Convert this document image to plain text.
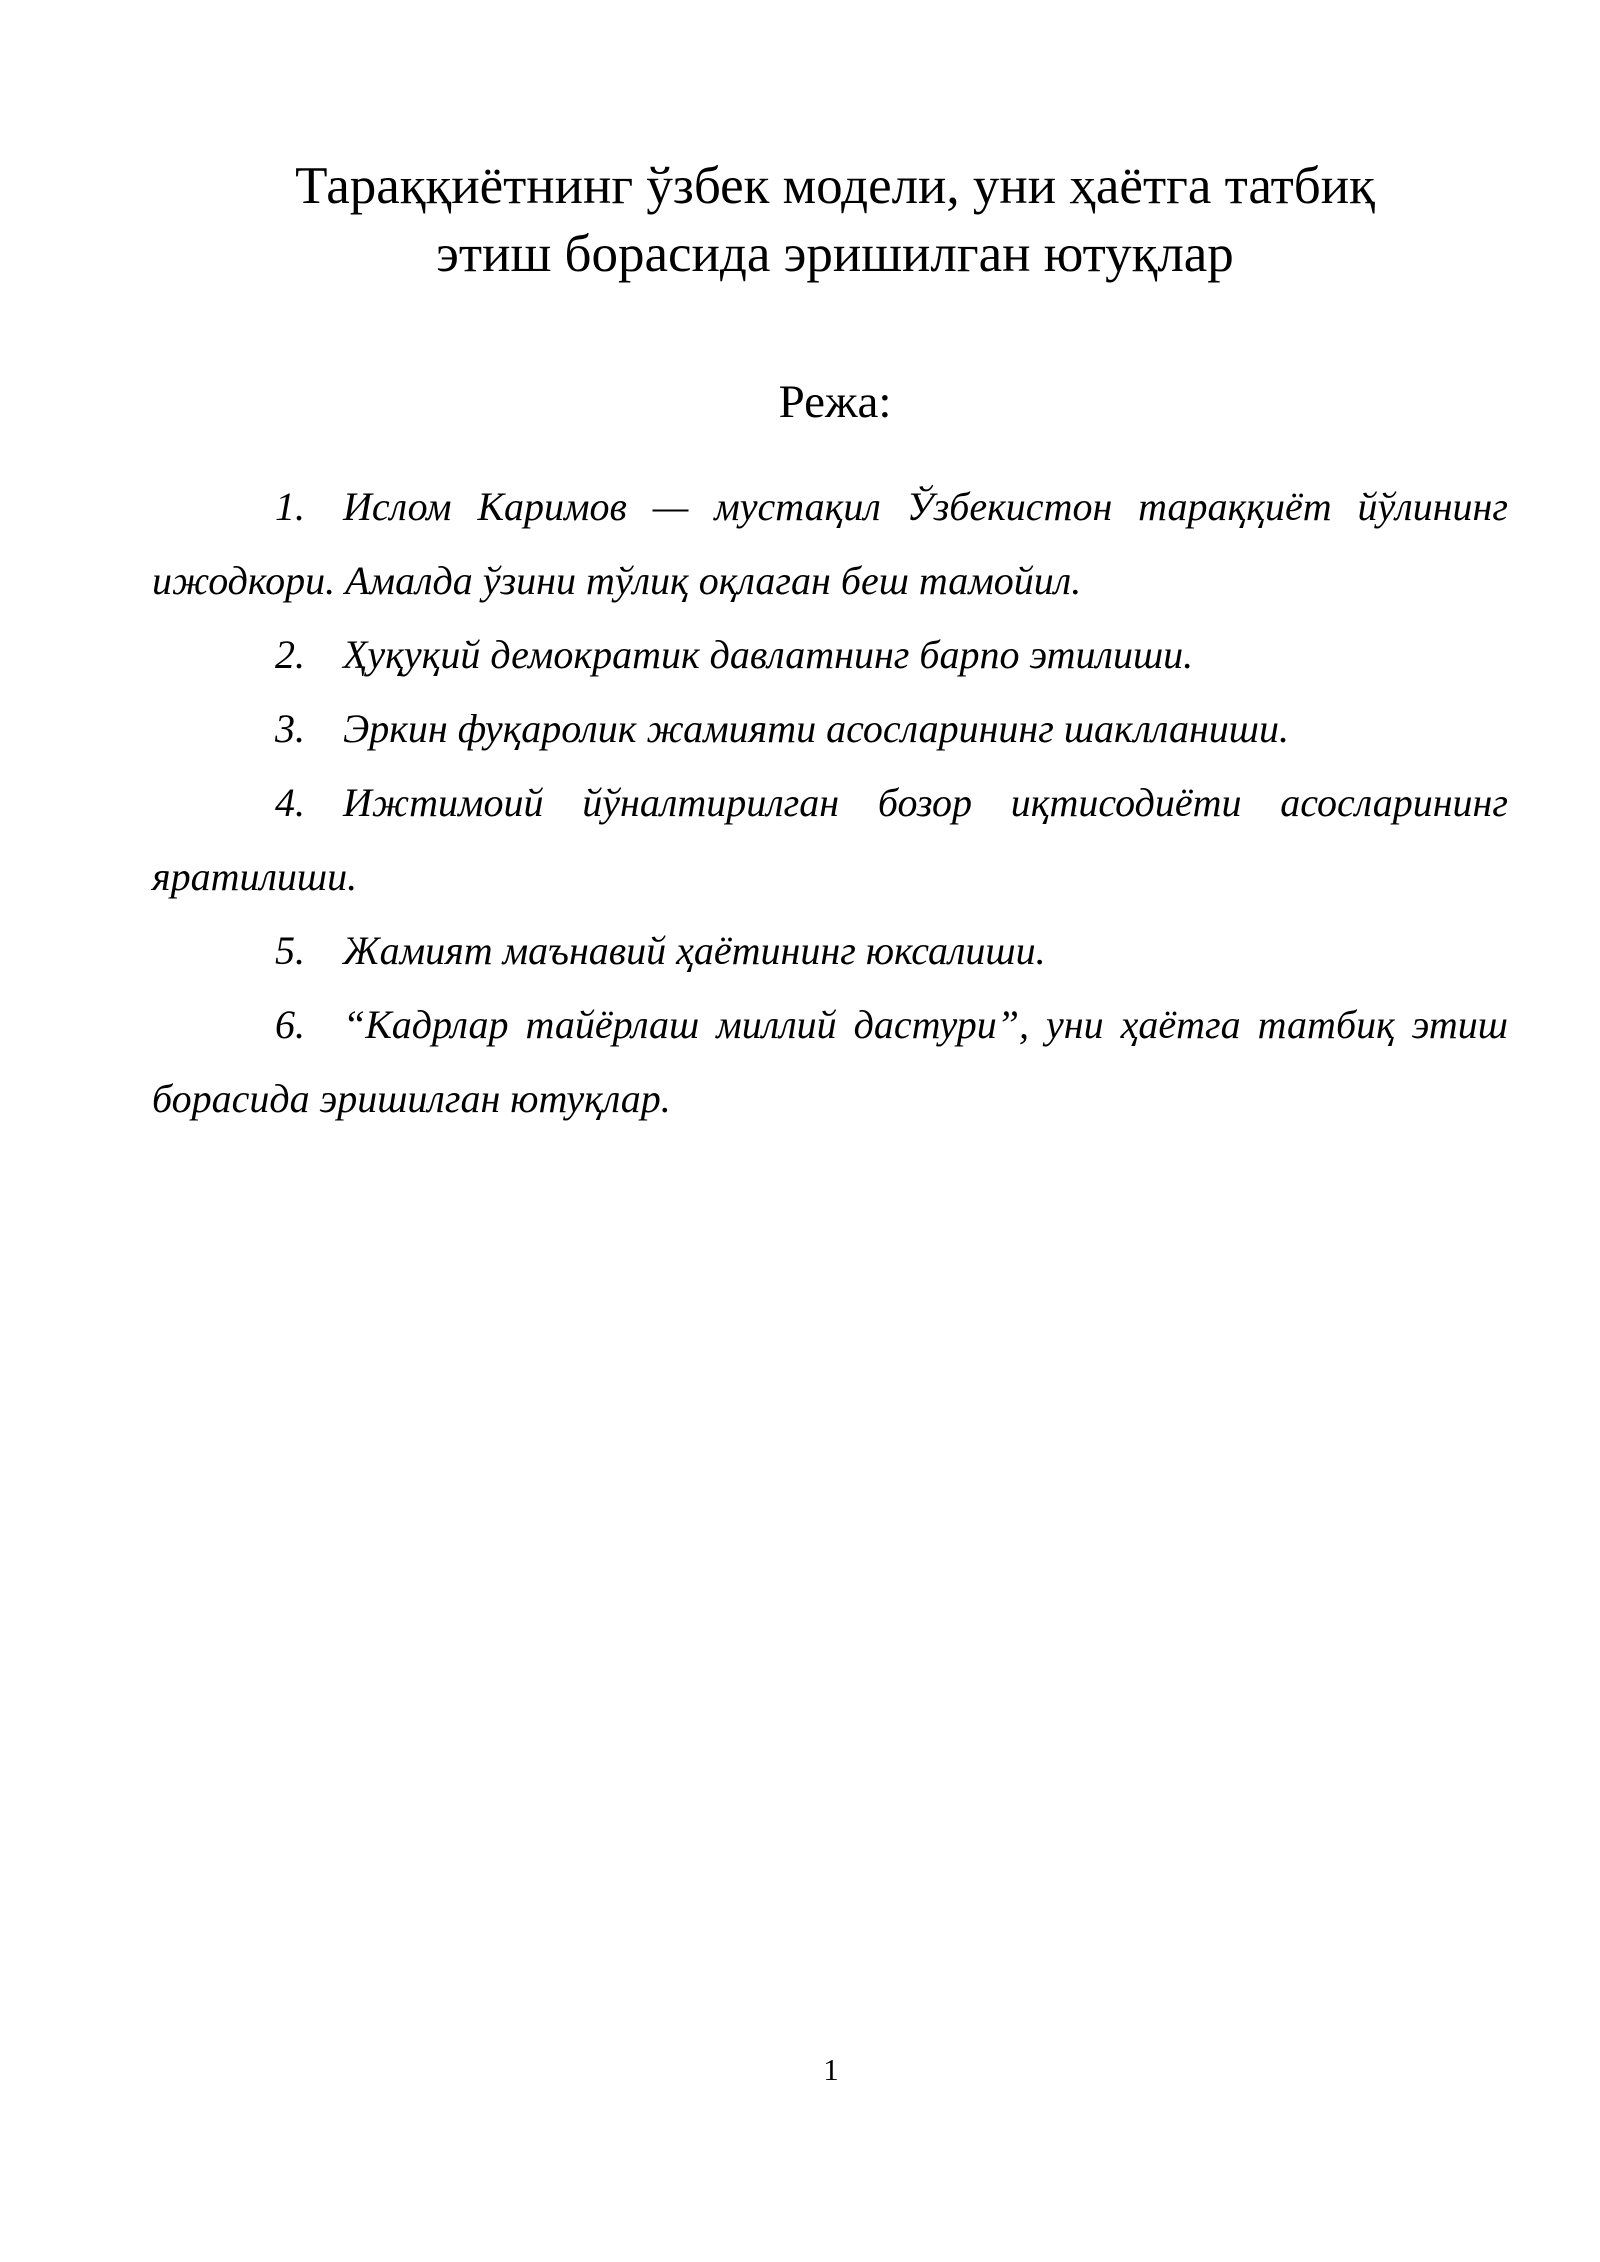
Тараққиётнинг ўзбек модели, уни ҳаётга татбиқ
этиш борасида эришилган ютуқлар
Режа:
1. Ислом Каримов — мустақил Ўзбекистон тараққиёт йўлининг ижодкори. Амалда ўзини тўлиқ оқлаган беш тамойил.
2. Ҳуқуқий демократик давлатнинг барпо этилиши.
3. Эркин фуқаролик жамияти асосларининг шаклланиши.
4. Ижтимоий йўналтирилган бозор иқтисодиёти асосларининг яратилиши.
5. Жамият маънавий ҳаётининг юксалиши.
6. “Кадрлар тайёрлаш миллий дастури”, уни ҳаётга татбиқ этиш борасида эришилган ютуқлар.
1
